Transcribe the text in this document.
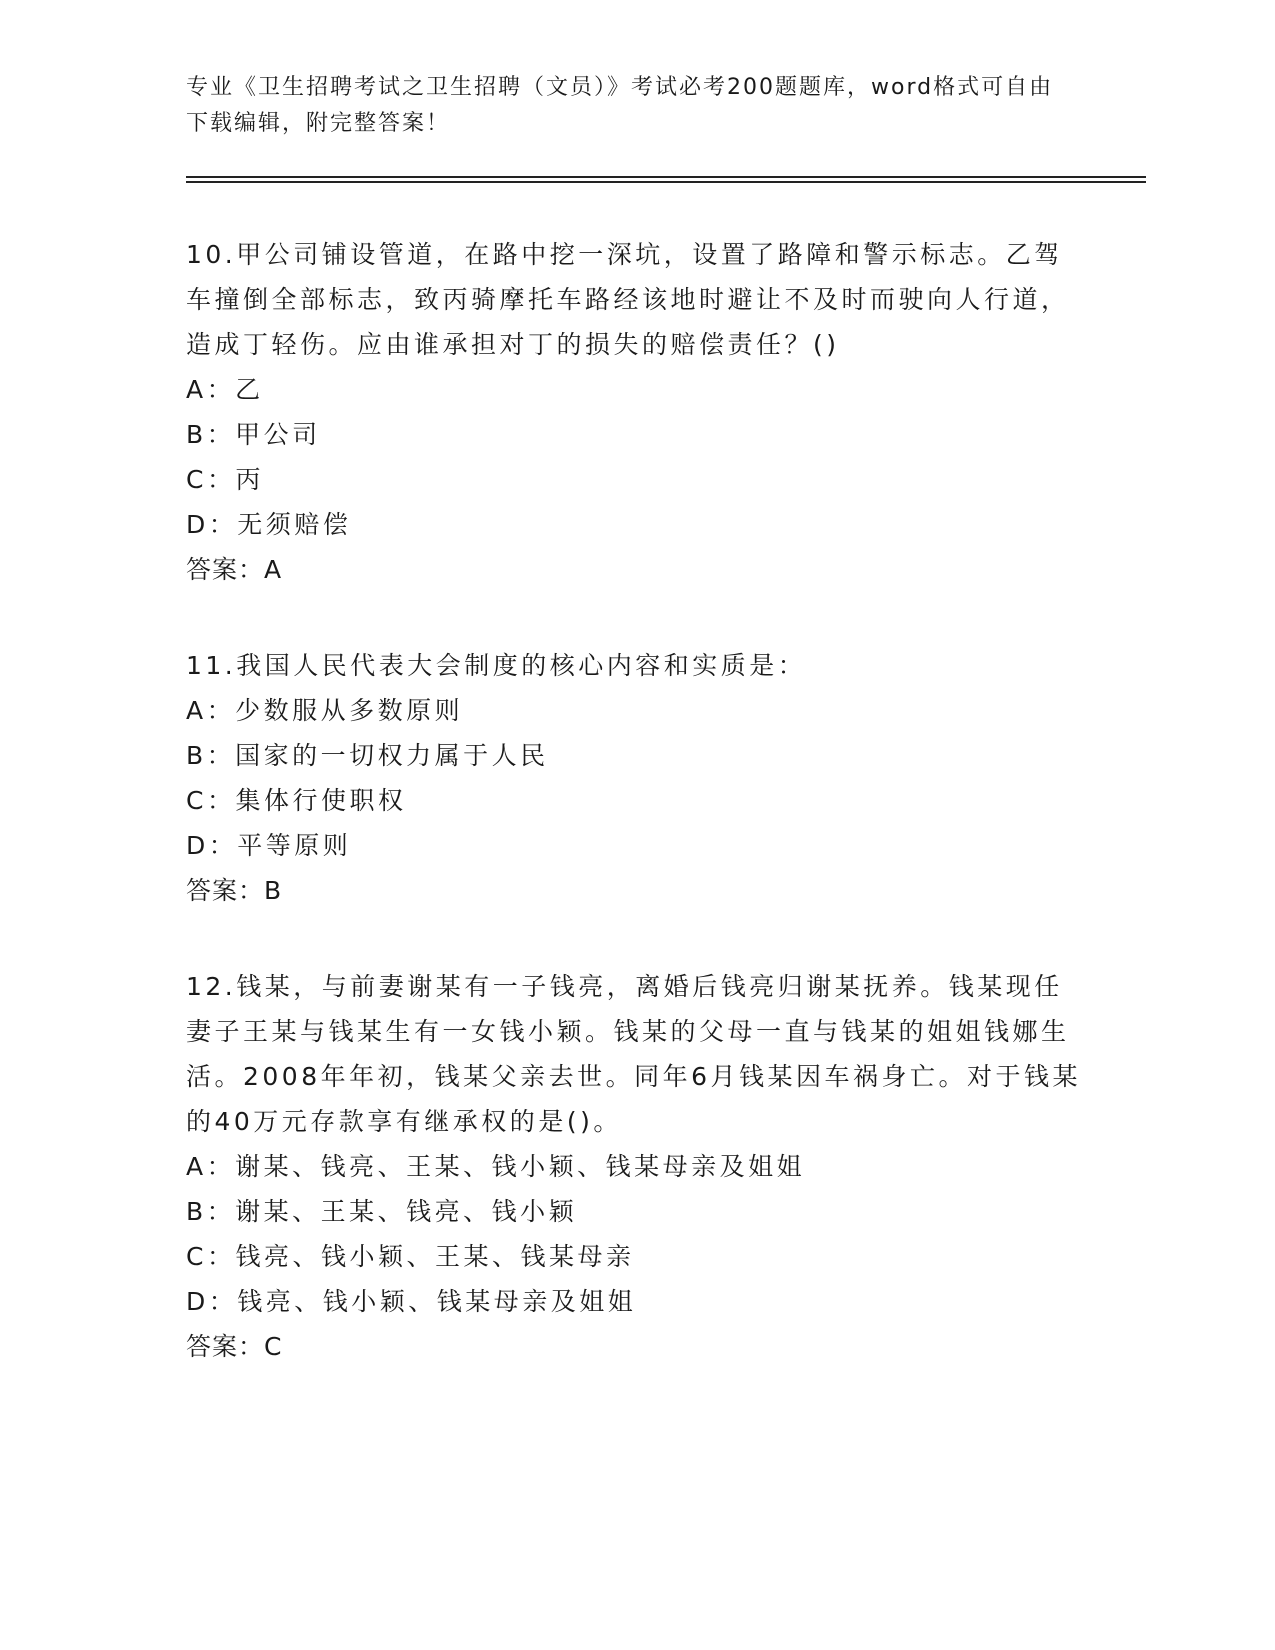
专业《卫生招聘考试之卫生招聘（文员）》考试必考200题题库，word格式可自由下载编辑，附完整答案！

10.甲公司铺设管道，在路中挖一深坑，设置了路障和警示标志。乙驾车撞倒全部标志，致丙骑摩托车路经该地时避让不及时而驶向人行道，造成丁轻伤。应由谁承担对丁的损失的赔偿责任？()

A：乙

B：甲公司

C：丙

D：无须赔偿

答案：A

11.我国人民代表大会制度的核心内容和实质是：

A：少数服从多数原则

B：国家的一切权力属于人民

C：集体行使职权

D：平等原则

答案：B

12.钱某，与前妻谢某有一子钱亮，离婚后钱亮归谢某抚养。钱某现任妻子王某与钱某生有一女钱小颖。钱某的父母一直与钱某的姐姐钱娜生活。2008年年初，钱某父亲去世。同年6月钱某因车祸身亡。对于钱某的40万元存款享有继承权的是()。

A：谢某、钱亮、王某、钱小颖、钱某母亲及姐姐

B：谢某、王某、钱亮、钱小颖

C：钱亮、钱小颖、王某、钱某母亲

D：钱亮、钱小颖、钱某母亲及姐姐

答案：C
